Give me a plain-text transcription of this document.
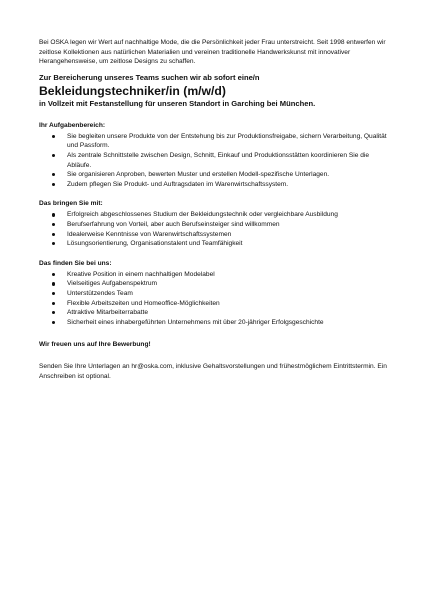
Bei OSKA legen wir Wert auf nachhaltige Mode, die die Persönlichkeit jeder Frau unterstreicht. Seit 1998 entwerfen wir zeitlose Kollektionen aus natürlichen Materialien und vereinen traditionelle Handwerkskunst mit innovativer Herangehensweise, um zeitlose Designs zu schaffen.

Zur Bereicherung unseres Teams suchen wir ab sofort eine/n

Bekleidungstechniker/in (m/w/d)

in Vollzeit mit Festanstellung für unseren Standort in Garching bei München.

Ihr Aufgabenbereich:

Sie begleiten unsere Produkte von der Entstehung bis zur Produktionsfreigabe, sichern Verarbeitung, Qualität und Passform.
Als zentrale Schnittstelle zwischen Design, Schnitt, Einkauf und Produktionsstätten koordinieren Sie die Abläufe.
Sie organisieren Anproben, bewerten Muster und erstellen Modell-spezifische Unterlagen.
Zudem pflegen Sie Produkt- und Auftragsdaten im Warenwirtschaftssystem.

Das bringen Sie mit:

Erfolgreich abgeschlossenes Studium der Bekleidungstechnik oder vergleichbare Ausbildung
Berufserfahrung von Vorteil, aber auch Berufseinsteiger sind willkommen
Idealerweise Kenntnisse von Warenwirtschaftssystemen
Lösungsorientierung, Organisationstalent und Teamfähigkeit

Das finden Sie bei uns:

Kreative Position in einem nachhaltigen Modelabel
Vielseitiges Aufgabenspektrum
Unterstützendes Team
Flexible Arbeitszeiten und Homeoffice-Möglichkeiten
Attraktive Mitarbeiterrabatte
Sicherheit eines inhabergeführten Unternehmens mit über 20-jähriger Erfolgsgeschichte

Wir freuen uns auf Ihre Bewerbung!

Senden Sie Ihre Unterlagen an hr@oska.com, inklusive Gehaltsvorstellungen und frühestmöglichem Eintrittstermin. Ein Anschreiben ist optional.
